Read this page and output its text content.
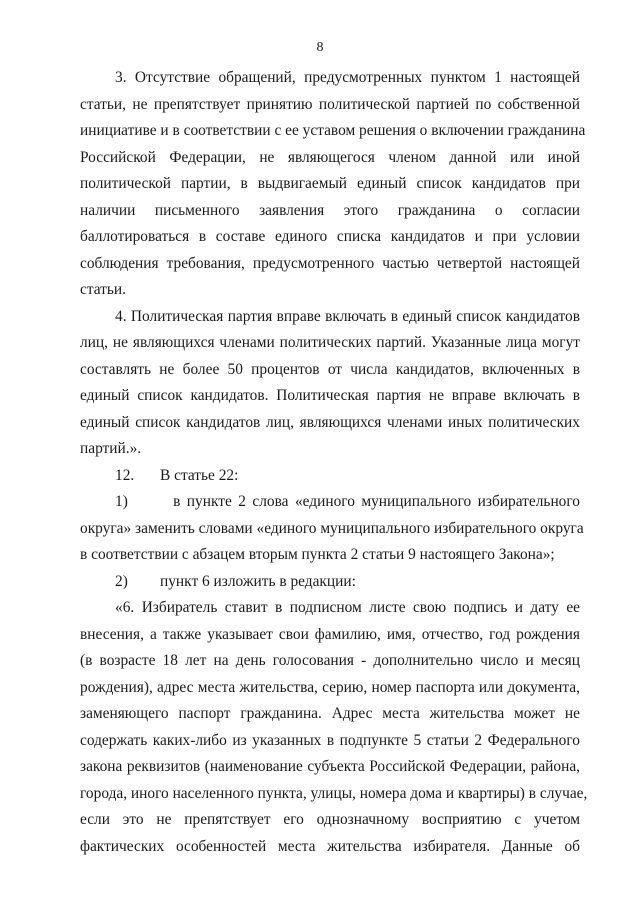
8

3. Отсутствие обращений, предусмотренных пунктом 1 настоящей
статьи, не препятствует принятию политической партией по собственной
инициативе и в соответствии с ее уставом решения о включении гражданина
Российской Федерации, не являющегося членом данной или иной
политической партии, в выдвигаемый единый список кандидатов при
наличии письменного заявления этого гражданина о согласии
баллотироваться в составе единого списка кандидатов и при условии
соблюдения требования, предусмотренного частью четвертой настоящей
статьи.

4. Политическая партия вправе включать в единый список кандидатов
лиц, не являющихся членами политических партий. Указанные лица могут
составлять не более 50 процентов от числа кандидатов, включенных в
единый список кандидатов. Политическая партия не вправе включать в
единый список кандидатов лиц, являющихся членами иных политических
партий.».

12. В статье 22:

1)	в пункте 2 слова «единого муниципального избирательного
округа» заменить словами «единого муниципального избирательного округа
в соответствии с абзацем вторым пункта 2 статьи 9 настоящего Закона»;

2) пункт 6 изложить в редакции:

«6. Избиратель ставит в подписном листе свою подпись и дату ее
внесения, а также указывает свои фамилию, имя, отчество, год рождения
(в возрасте 18 лет на день голосования - дополнительно число и месяц
рождения), адрес места жительства, серию, номер паспорта или документа,
заменяющего паспорт гражданина. Адрес места жительства может не
содержать каких-либо из указанных в подпункте 5 статьи 2 Федерального
закона реквизитов (наименование субъекта Российской Федерации, района,
города, иного населенного пункта, улицы, номера дома и квартиры) в случае,
если это не препятствует его однозначному восприятию с учетом
фактических особенностей места жительства избирателя. Данные об
